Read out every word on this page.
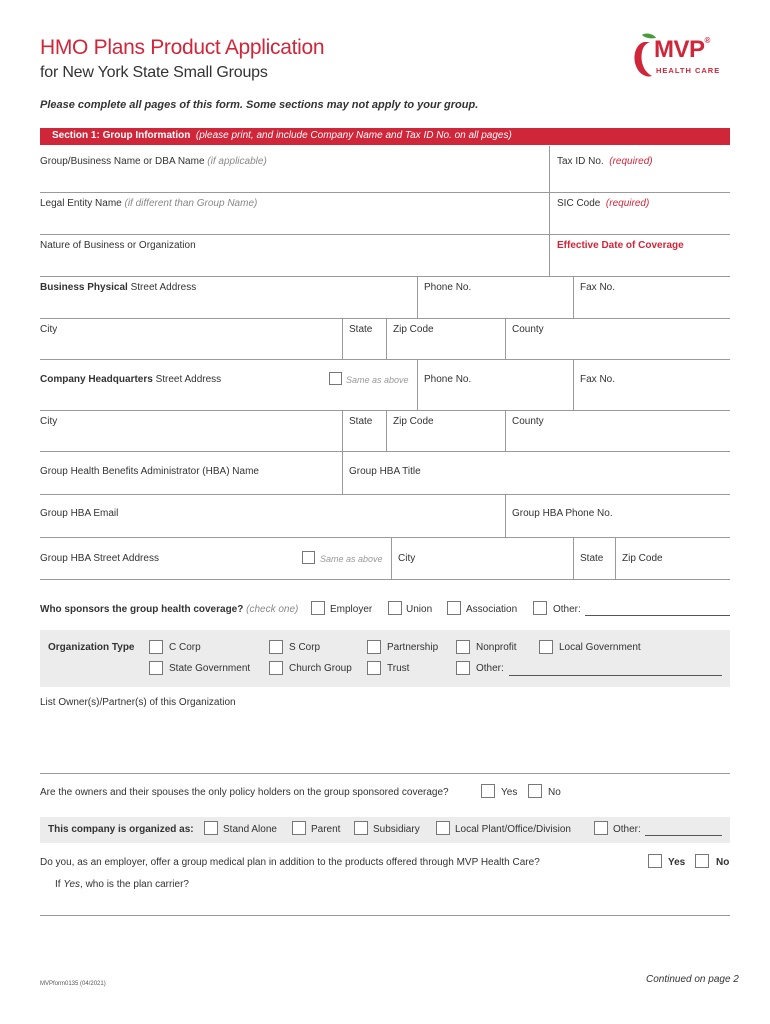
HMO Plans Product Application
for New York State Small Groups
MVP®
HEALTH CARE
Please complete all pages of this form. Some sections may not apply to your group.
Section 1: Group Information (please print, and include Company Name and Tax ID No. on all pages)
Group/Business Name or DBA Name (if applicable)	Tax ID No. (required)
Legal Entity Name (if different than Group Name)	SIC Code (required)
Nature of Business or Organization	Effective Date of Coverage
Business Physical Street Address	Phone No.	Fax No.
City	State Zip Code	County
Company Headquarters Street Address	Same as above Phone No.	Fax No.
City	State Zip Code	County
Group Health Benefits Administrator (HBA) Name	Group HBA Title
Group HBA Email	Group HBA Phone No.
Group HBA Street Address	Same as above City	State Zip Code
Who sponsors the group health coverage? (check one)	Employer	Union	Association	Other:
Organization Type	C Corp	S Corp	Partnership	Nonprofit	Local Government
State Government	Church Group	Trust	Other:
List Owner(s)/Partner(s) of this Organization
Are the owners and their spouses the only policy holders on the group sponsored coverage?	Yes	No
This company is organized as:	Stand Alone	Parent	Subsidiary	Local Plant/Office/Division	Other:
Do you, as an employer, offer a group medical plan in addition to the products offered through MVP Health Care?	Yes	No
If Yes, who is the plan carrier?
MVPform0135 (04/2021)	Continued on page 2
